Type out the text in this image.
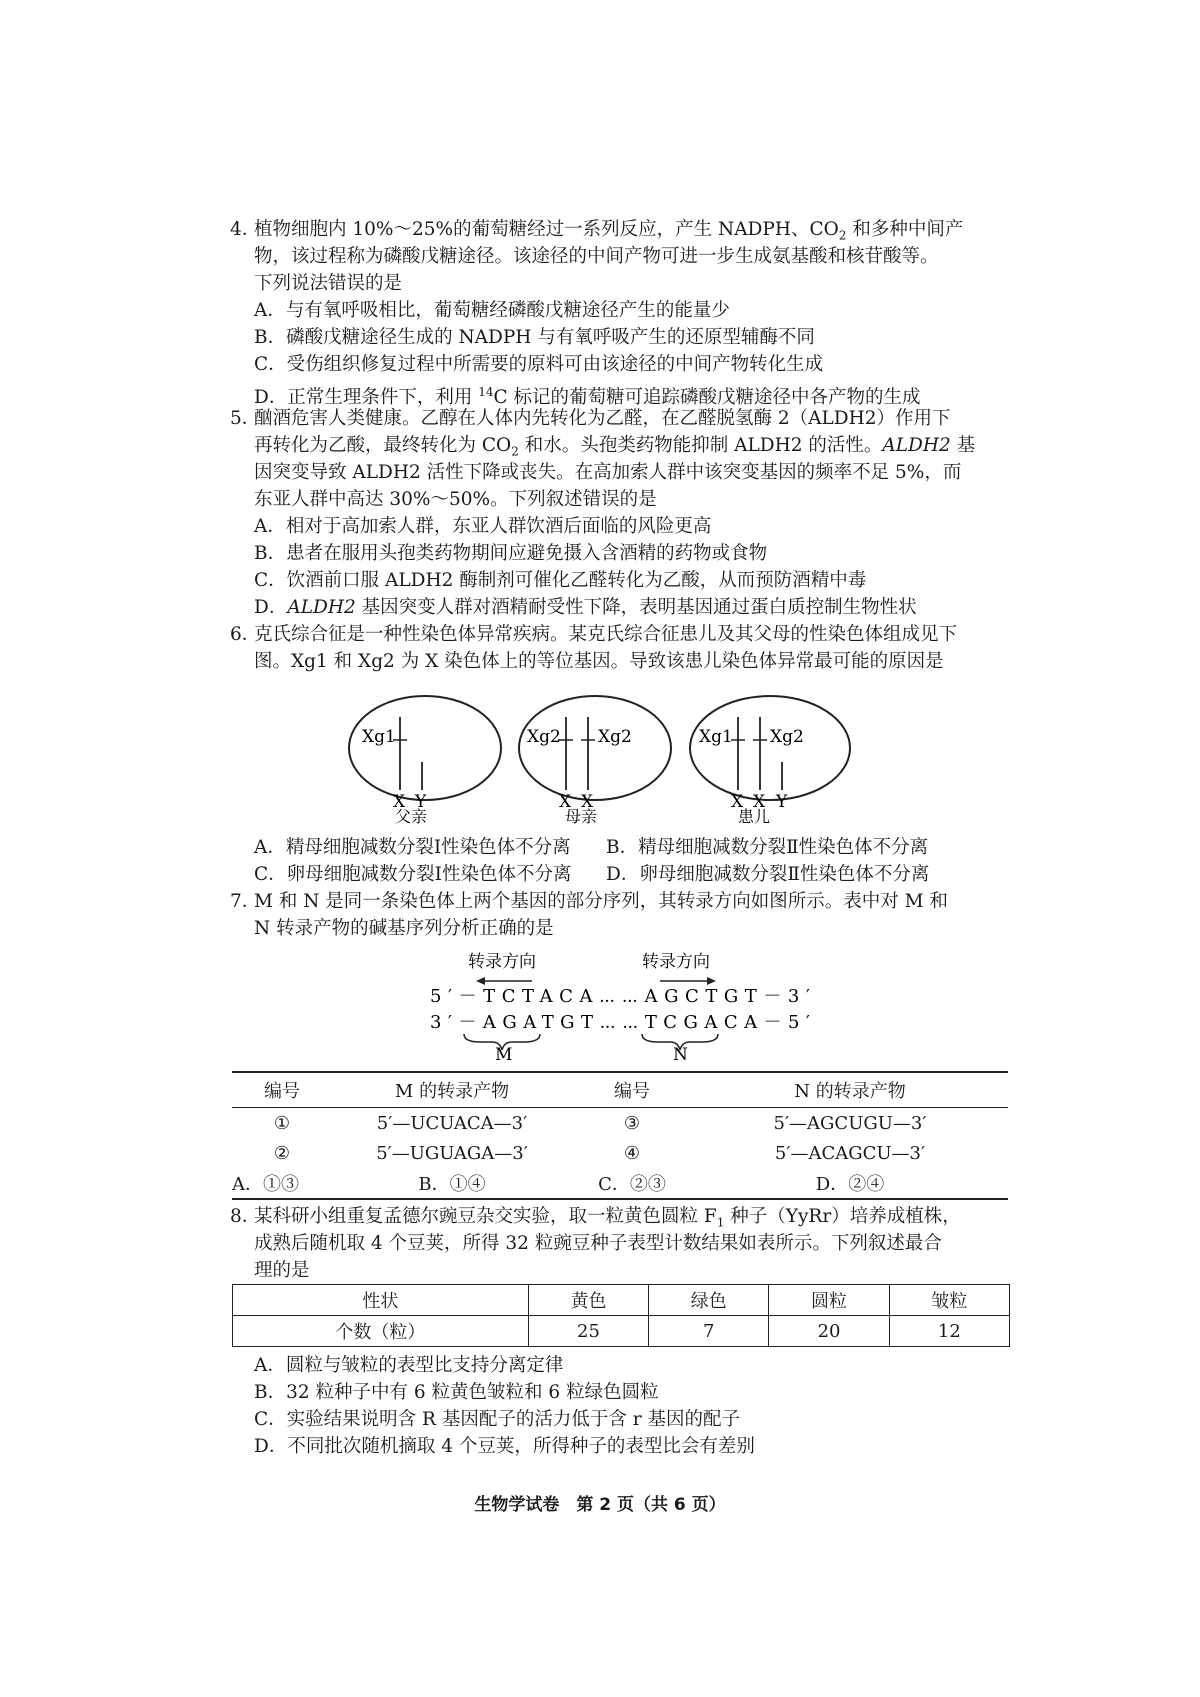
4．植物细胞内 10%～25%的葡萄糖经过一系列反应，产生 NADPH、$CO_2$ 和多种中间产
物，该过程称为磷酸戊糖途径。该途径的中间产物可进一步生成氨基酸和核苷酸等。
下列说法错误的是
A．与有氧呼吸相比，葡萄糖经磷酸戊糖途径产生的能量少
B．磷酸戊糖途径生成的 NADPH 与有氧呼吸产生的还原型辅酶不同
C．受伤组织修复过程中所需要的原料可由该途径的中间产物转化生成
D．正常生理条件下，利用 $^{14}$C 标记的葡萄糖可追踪磷酸戊糖途径中各产物的生成
5．酗酒危害人类健康。乙醇在人体内先转化为乙醛，在乙醛脱氢酶 2（ALDH2）作用下
再转化为乙酸，最终转化为 $CO_2$ 和水。头孢类药物能抑制 ALDH2 的活性。ALDH2 基
因突变导致 ALDH2 活性下降或丧失。在高加索人群中该突变基因的频率不足 5%，而
东亚人群中高达 30%～50%。下列叙述错误的是
A．相对于高加索人群，东亚人群饮酒后面临的风险更高
B．患者在服用头孢类药物期间应避免摄入含酒精的药物或食物
C．饮酒前口服 ALDH2 酶制剂可催化乙醛转化为乙酸，从而预防酒精中毒
D．ALDH2 基因突变人群对酒精耐受性下降，表明基因通过蛋白质控制生物性状
6．克氏综合征是一种性染色体异常疾病。某克氏综合征患儿及其父母的性染色体组成见下
图。Xg1 和 Xg2 为 X 染色体上的等位基因。导致该患儿染色体异常最可能的原因是
Xg1
X Y
父亲
Xg2 Xg2
X X
母亲
Xg1 Xg2
X X Y
患儿
A．精母细胞减数分裂Ⅰ性染色体不分离 B．精母细胞减数分裂Ⅱ性染色体不分离
C．卵母细胞减数分裂Ⅰ性染色体不分离 D．卵母细胞减数分裂Ⅱ性染色体不分离
7．M 和 N 是同一条染色体上两个基因的部分序列，其转录方向如图所示。表中对 M 和
N 转录产物的碱基序列分析正确的是
转录方向	转录方向
5′－TCTACA⋯⋯AGCTGT－3′
3′－AGATGT⋯⋯TCGACA－5′
M	N
编号	M 的转录产物	编号	N 的转录产物
①	5′—UCUACA—3′	③	5′—AGCUGU—3′
②	5′—UGUAGA—3′	④	5′—ACAGCU—3′
A．①③	B．①④	C．②③	D．②④
8．某科研小组重复孟德尔豌豆杂交实验，取一粒黄色圆粒 $F_1$ 种子（YyRr）培养成植株，
成熟后随机取 4 个豆荚，所得 32 粒豌豆种子表型计数结果如表所示。下列叙述最合
理的是
性状	黄色	绿色	圆粒	皱粒
个数（粒）	25	7	20	12
A．圆粒与皱粒的表型比支持分离定律
B．32 粒种子中有 6 粒黄色皱粒和 6 粒绿色圆粒
C．实验结果说明含 R 基因配子的活力低于含 r 基因的配子
D．不同批次随机摘取 4 个豆荚，所得种子的表型比会有差别
生物学试卷　第 2 页（共 6 页）
